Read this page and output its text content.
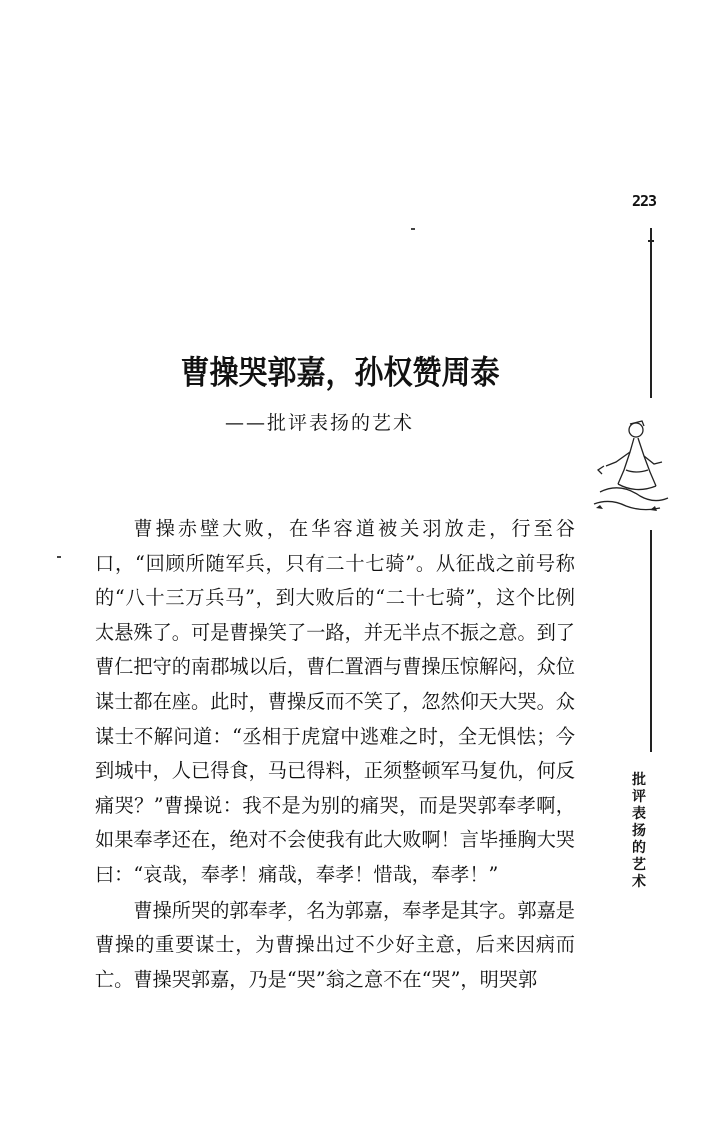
223
批评表扬的艺术
曹操哭郭嘉，孙权赞周泰
——批评表扬的艺术

曹操赤壁大败，在华容道被关羽放走，行至谷口，“回顾所随军兵，只有二十七骑”。从征战之前号称的“八十三万兵马”，到大败后的“二十七骑”，这个比例太悬殊了。可是曹操笑了一路，并无半点不振之意。到了曹仁把守的南郡城以后，曹仁置酒与曹操压惊解闷，众位谋士都在座。此时，曹操反而不笑了，忽然仰天大哭。众谋士不解问道：“丞相于虎窟中逃难之时，全无惧怯；今到城中，人已得食，马已得料，正须整顿军马复仇，何反痛哭？”曹操说：我不是为别的痛哭，而是哭郭奉孝啊，如果奉孝还在，绝对不会使我有此大败啊！言毕捶胸大哭曰：“哀哉，奉孝！痛哉，奉孝！惜哉，奉孝！”

曹操所哭的郭奉孝，名为郭嘉，奉孝是其字。郭嘉是曹操的重要谋士，为曹操出过不少好主意，后来因病而亡。曹操哭郭嘉，乃是“哭”翁之意不在“哭”，明哭郭
